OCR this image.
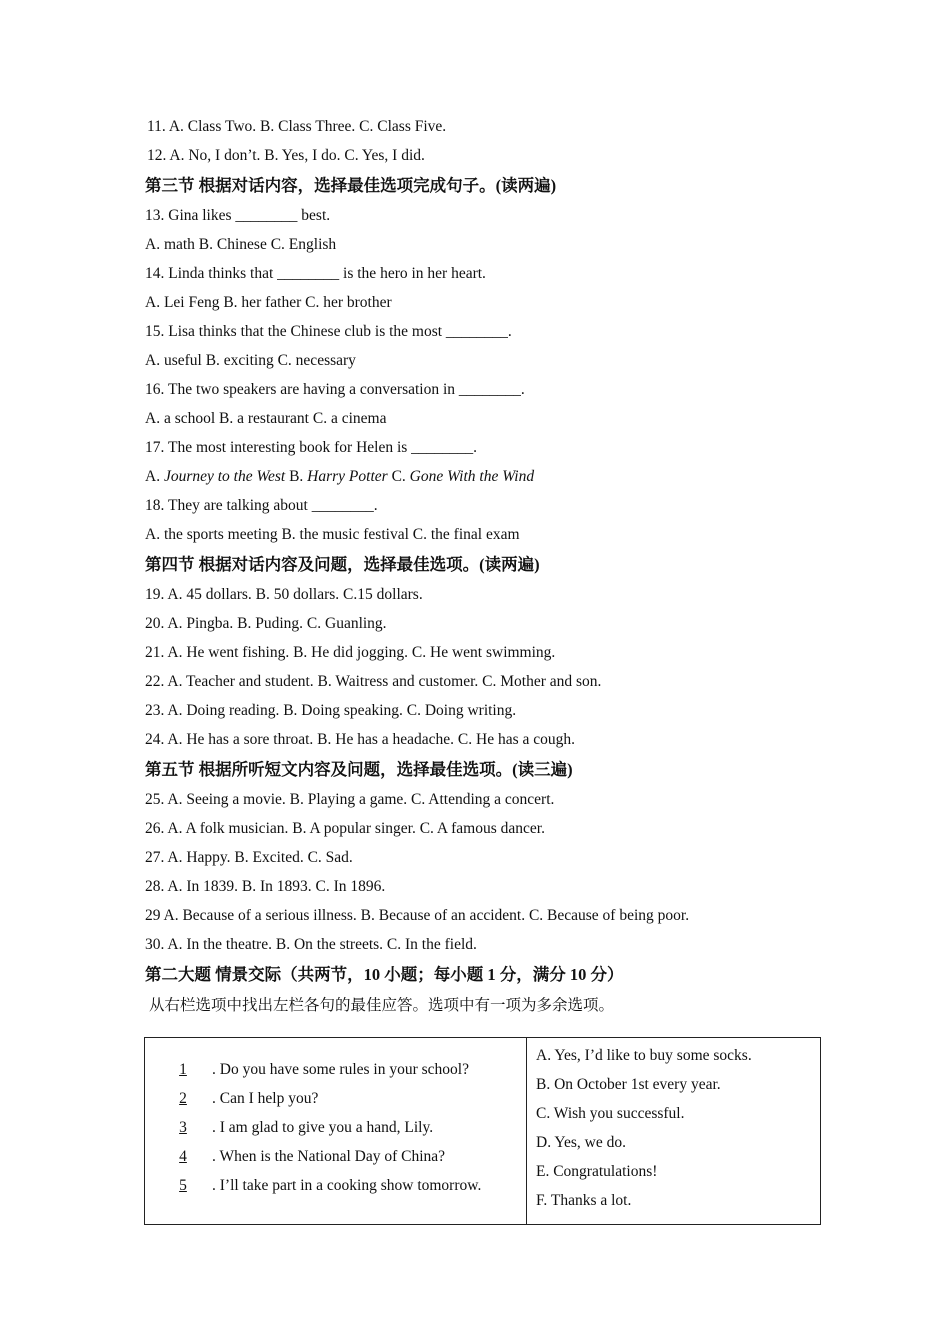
11. A. Class Two. B. Class Three. C. Class Five.
12. A. No, I don’t. B. Yes, I do. C. Yes, I did.
第三节 根据对话内容，选择最佳选项完成句子。(读两遍)
13. Gina likes ________ best.
A. math B. Chinese C. English
14. Linda thinks that ________ is the hero in her heart.
A. Lei Feng B. her father C. her brother
15. Lisa thinks that the Chinese club is the most ________.
A. useful B. exciting C. necessary
16. The two speakers are having a conversation in ________.
A. a school B. a restaurant C. a cinema
17. The most interesting book for Helen is ________.
A. Journey to the West B. Harry Potter C. Gone With the Wind
18. They are talking about ________.
A. the sports meeting B. the music festival C. the final exam
第四节 根据对话内容及问题，选择最佳选项。(读两遍)
19. A. 45 dollars. B. 50 dollars. C.15 dollars.
20. A. Pingba. B. Puding. C. Guanling.
21. A. He went fishing. B. He did jogging. C. He went swimming.
22. A. Teacher and student. B. Waitress and customer. C. Mother and son.
23. A. Doing reading. B. Doing speaking. C. Doing writing.
24. A. He has a sore throat. B. He has a headache. C. He has a cough.
第五节 根据所听短文内容及问题，选择最佳选项。(读三遍)
25. A. Seeing a movie. B. Playing a game. C. Attending a concert.
26. A. A folk musician. B. A popular singer. C. A famous dancer.
27. A. Happy. B. Excited. C. Sad.
28. A. In 1839. B. In 1893. C. In 1896.
29 A. Because of a serious illness. B. Because of an accident. C. Because of being poor.
30. A. In the theatre. B. On the streets. C. In the field.
第二大题 情景交际（共两节，10 小题；每小题 1 分，满分 10 分）
从右栏选项中找出左栏各句的最佳应答。选项中有一项为多余选项。
1 . Do you have some rules in your school?
2 . Can I help you?
3 . I am glad to give you a hand, Lily.
4 . When is the National Day of China?
5 . I’ll take part in a cooking show tomorrow.

A. Yes, I’d like to buy some socks.
B. On October 1st every year.
C. Wish you successful.
D. Yes, we do.
E. Congratulations!
F. Thanks a lot.
